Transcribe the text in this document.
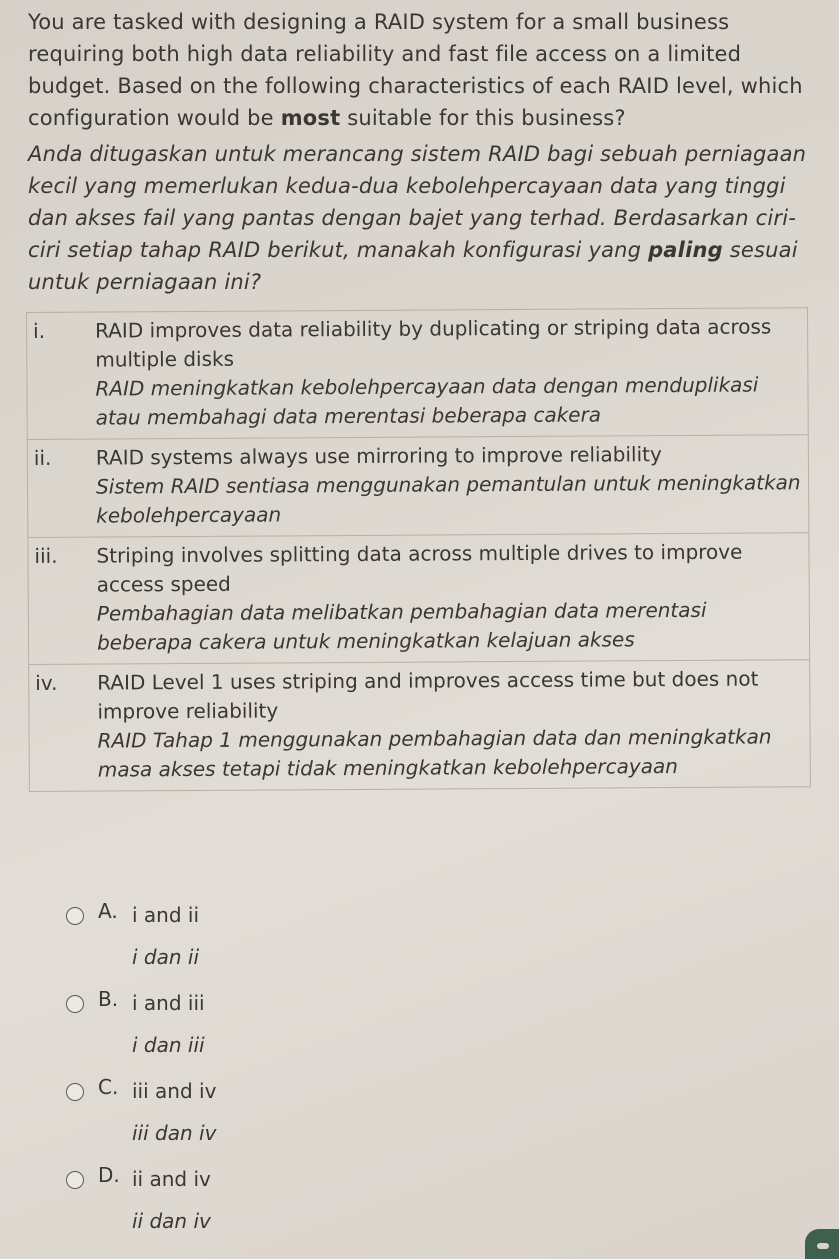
You are tasked with designing a RAID system for a small business requiring both high data reliability and fast file access on a limited budget. Based on the following characteristics of each RAID level, which configuration would be most suitable for this business?

Anda ditugaskan untuk merancang sistem RAID bagi sebuah perniagaan kecil yang memerlukan kedua-dua kebolehpercayaan data yang tinggi dan akses fail yang pantas dengan bajet yang terhad. Berdasarkan ciri-ciri setiap tahap RAID berikut, manakah konfigurasi yang paling sesuai untuk perniagaan ini?

i.	RAID improves data reliability by duplicating or striping data across multiple disks
RAID meningkatkan kebolehpercayaan data dengan menduplikasi atau membahagi data merentasi beberapa cakera

ii.	RAID systems always use mirroring to improve reliability
Sistem RAID sentiasa menggunakan pemantulan untuk meningkatkan kebolehpercayaan

iii.	Striping involves splitting data across multiple drives to improve access speed
Pembahagian data melibatkan pembahagian data merentasi beberapa cakera untuk meningkatkan kelajuan akses

iv.	RAID Level 1 uses striping and improves access time but does not improve reliability
RAID Tahap 1 menggunakan pembahagian data dan meningkatkan masa akses tetapi tidak meningkatkan kebolehpercayaan
A. i and ii
i dan ii
B. i and iii
i dan iii
C. iii and iv
iii dan iv
D. ii and iv
ii dan iv
